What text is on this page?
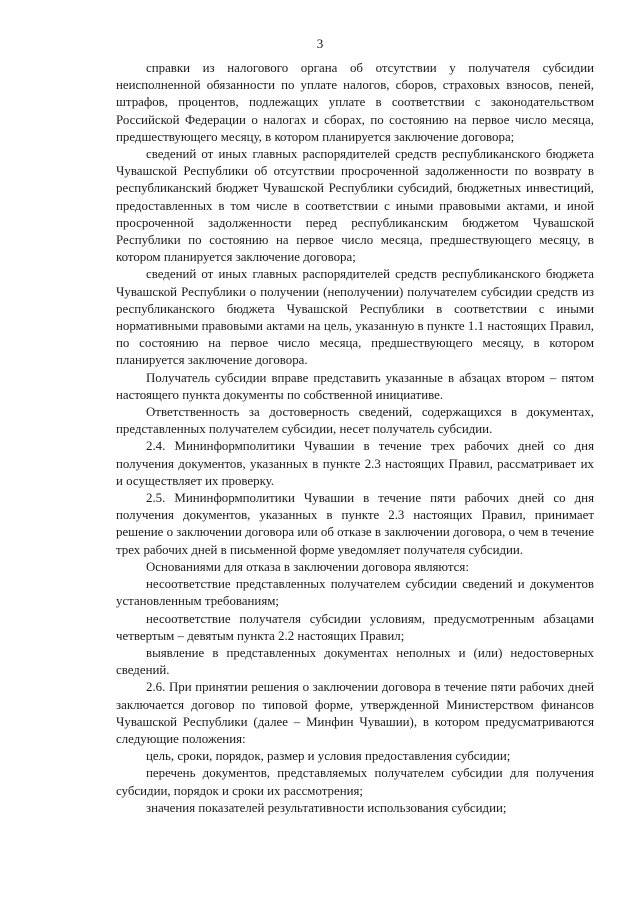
3

справки из налогового органа об отсутствии у получателя субсидии неисполненной обязанности по уплате налогов, сборов, страховых взносов, пеней, штрафов, процентов, подлежащих уплате в соответствии с законодательством Российской Федерации о налогах и сборах, по состоянию на первое число месяца, предшествующего месяцу, в котором планируется заключение договора;

сведений от иных главных распорядителей средств республиканского бюджета Чувашской Республики об отсутствии просроченной задолженности по возврату в республиканский бюджет Чувашской Республики субсидий, бюджетных инвестиций, предоставленных в том числе в соответствии с иными правовыми актами, и иной просроченной задолженности перед республиканским бюджетом Чувашской Республики по состоянию на первое число месяца, предшествующего месяцу, в котором планируется заключение договора;

сведений от иных главных распорядителей средств республиканского бюджета Чувашской Республики о получении (неполучении) получателем субсидии средств из республиканского бюджета Чувашской Республики в соответствии с иными нормативными правовыми актами на цель, указанную в пункте 1.1 настоящих Правил, по состоянию на первое число месяца, предшествующего месяцу, в котором планируется заключение договора.

Получатель субсидии вправе представить указанные в абзацах втором – пятом настоящего пункта документы по собственной инициативе.

Ответственность за достоверность сведений, содержащихся в документах, представленных получателем субсидии, несет получатель субсидии.

2.4. Мининформполитики Чувашии в течение трех рабочих дней со дня получения документов, указанных в пункте 2.3 настоящих Правил, рассматривает их и осуществляет их проверку.

2.5. Мининформполитики Чувашии в течение пяти рабочих дней со дня получения документов, указанных в пункте 2.3 настоящих Правил, принимает решение о заключении договора или об отказе в заключении договора, о чем в течение трех рабочих дней в письменной форме уведомляет получателя субсидии.

Основаниями для отказа в заключении договора являются:

несоответствие представленных получателем субсидии сведений и документов установленным требованиям;

несоответствие получателя субсидии условиям, предусмотренным абзацами четвертым – девятым пункта 2.2 настоящих Правил;

выявление в представленных документах неполных и (или) недостоверных сведений.

2.6. При принятии решения о заключении договора в течение пяти рабочих дней заключается договор по типовой форме, утвержденной Министерством финансов Чувашской Республики (далее – Минфин Чувашии), в котором предусматриваются следующие положения:

цель, сроки, порядок, размер и условия предоставления субсидии;

перечень документов, представляемых получателем субсидии для получения субсидии, порядок и сроки их рассмотрения;

значения показателей результативности использования субсидии;
